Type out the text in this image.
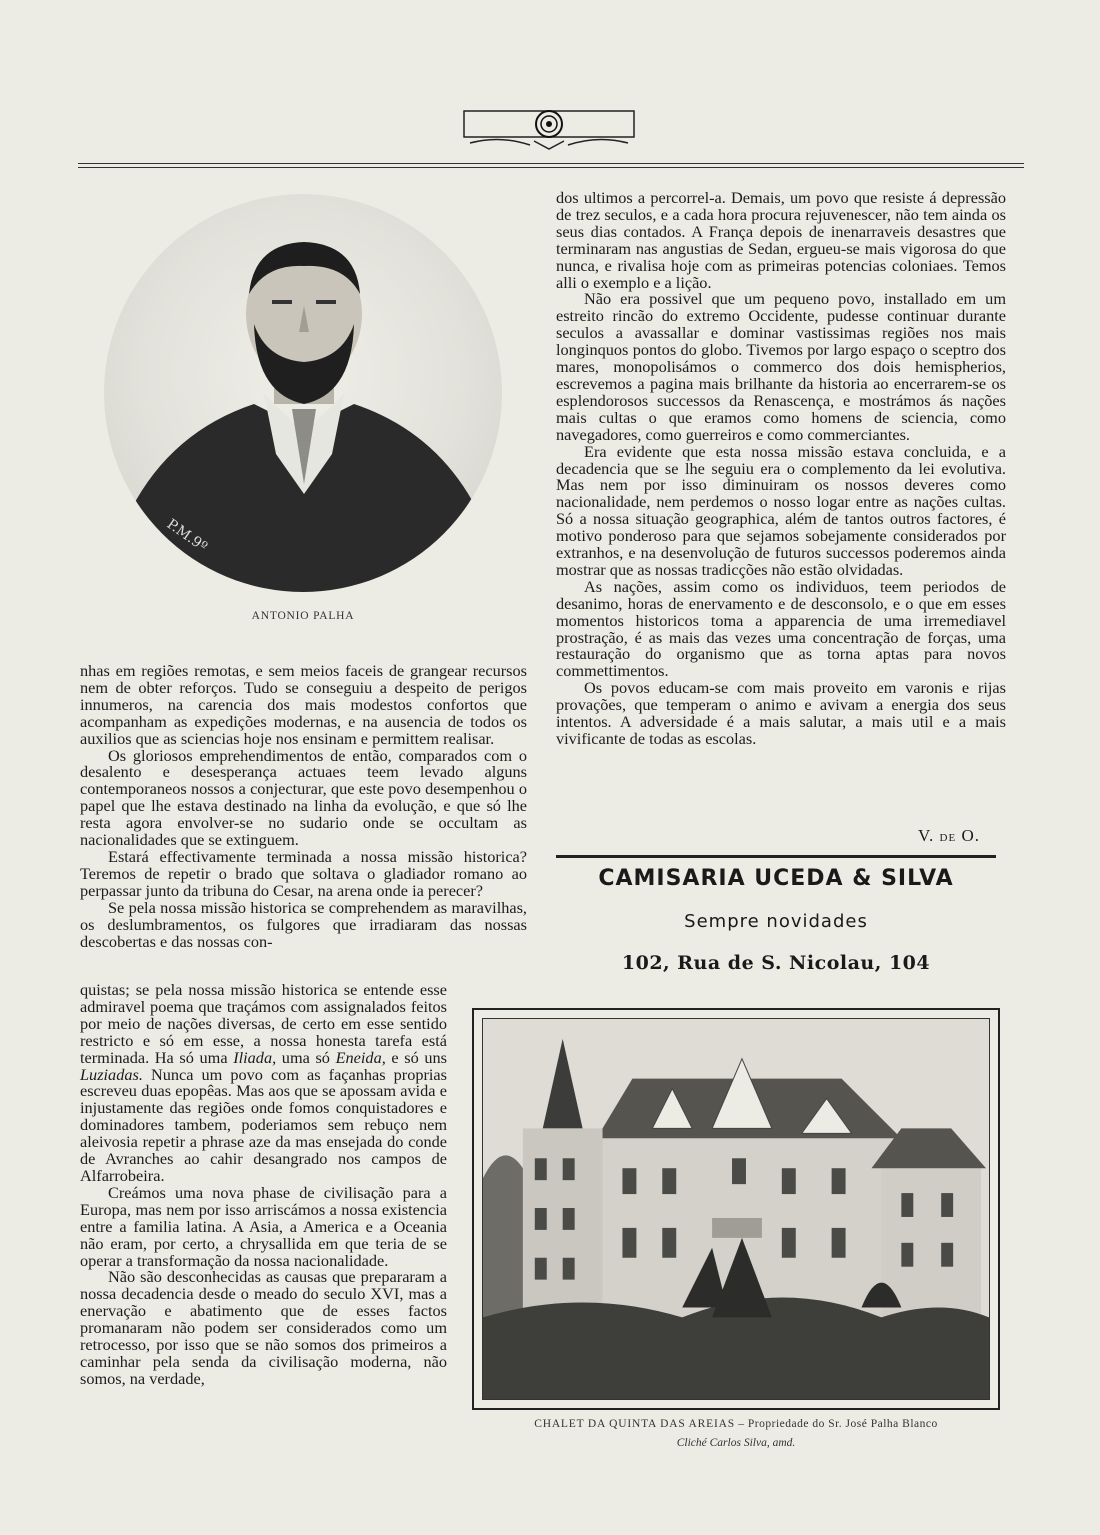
P.M.9º
ANTONIO PALHA

nhas em regiões remotas, e sem meios faceis de grangear recursos nem de obter reforços. Tudo se conseguiu a despeito de perigos innumeros, na carencia dos mais modestos confortos que acompanham as expedições modernas, e na ausencia de todos os auxilios que as sciencias hoje nos ensinam e permittem realisar.

Os gloriosos emprehendimentos de então, comparados com o desalento e desesperança actuaes teem levado alguns contemporaneos nossos a conjecturar, que este povo desempenhou o papel que lhe estava destinado na linha da evolução, e que só lhe resta agora envolver-se no sudario onde se occultam as nacionalidades que se extinguem.

Estará effectivamente terminada a nossa missão historica? Teremos de repetir o brado que soltava o gladiador romano ao perpassar junto da tribuna do Cesar, na arena onde ia perecer?

Se pela nossa missão historica se comprehendem as maravilhas, os deslumbramentos, os fulgores que irradiaram das nossas descobertas e das nossas con-

quistas; se pela nossa missão historica se entende esse admiravel poema que traçámos com assignalados feitos por meio de nações diversas, de certo em esse sentido restricto e só em esse, a nossa honesta tarefa está terminada. Ha só uma Iliada, uma só Eneida, e só uns Luziadas. Nunca um povo com as façanhas proprias escreveu duas epopêas. Mas aos que se apossam avida e injustamente das regiões onde fomos conquistadores e dominadores tambem, poderiamos sem rebuço nem aleivosia repetir a phrase aze da mas ensejada do conde de Avranches ao cahir desangrado nos campos de Alfarrobeira.

Creámos uma nova phase de civilisação para a Europa, mas nem por isso arriscámos a nossa existencia entre a familia latina. A Asia, a America e a Oceania não eram, por certo, a chrysallida em que teria de se operar a transformação da nossa nacionalidade.

Não são desconhecidas as causas que prepararam a nossa decadencia desde o meado do seculo XVI, mas a enervação e abatimento que de esses factos promanaram não podem ser considerados como um retrocesso, por isso que se não somos dos primeiros a caminhar pela senda da civilisação moderna, não somos, na verdade,

dos ultimos a percorrel-a. Demais, um povo que resiste á depressão de trez seculos, e a cada hora procura rejuvenescer, não tem ainda os seus dias contados. A França depois de inenarraveis desastres que terminaram nas angustias de Sedan, ergueu-se mais vigorosa do que nunca, e rivalisa hoje com as primeiras potencias coloniaes. Temos alli o exemplo e a lição.

Não era possivel que um pequeno povo, installado em um estreito rincão do extremo Occidente, pudesse continuar durante seculos a avassallar e dominar vastissimas regiões nos mais longinquos pontos do globo. Tivemos por largo espaço o sceptro dos mares, monopolisámos o commerco dos dois hemispherios, escrevemos a pagina mais brilhante da historia ao encerrarem-se os esplendorosos successos da Renascença, e mostrámos ás nações mais cultas o que eramos como homens de sciencia, como navegadores, como guerreiros e como commerciantes.

Era evidente que esta nossa missão estava concluida, e a decadencia que se lhe seguiu era o complemento da lei evolutiva. Mas nem por isso diminuiram os nossos deveres como nacionalidade, nem perdemos o nosso logar entre as nações cultas. Só a nossa situação geographica, além de tantos outros factores, é motivo ponderoso para que sejamos sobejamente considerados por extranhos, e na desenvolução de futuros successos poderemos ainda mostrar que as nossas tradicções não estão olvidadas.

As nações, assim como os individuos, teem periodos de desanimo, horas de enervamento e de desconsolo, e o que em esses momentos historicos toma a apparencia de uma irremediavel prostração, é as mais das vezes uma concentração de forças, uma restauração do organismo que as torna aptas para novos commettimentos.

Os povos educam-se com mais proveito em varonis e rijas provações, que temperam o animo e avivam a energia dos seus intentos. A adversidade é a mais salutar, a mais util e a mais vivificante de todas as escolas.

V. DE O.
CAMISARIA UCEDA & SILVA
Sempre novidades
102, Rua de S. Nicolau, 104
CHALET DA QUINTA DAS AREIAS – Propriedade do Sr. José Palha Blanco
Cliché Carlos Silva, amd.
